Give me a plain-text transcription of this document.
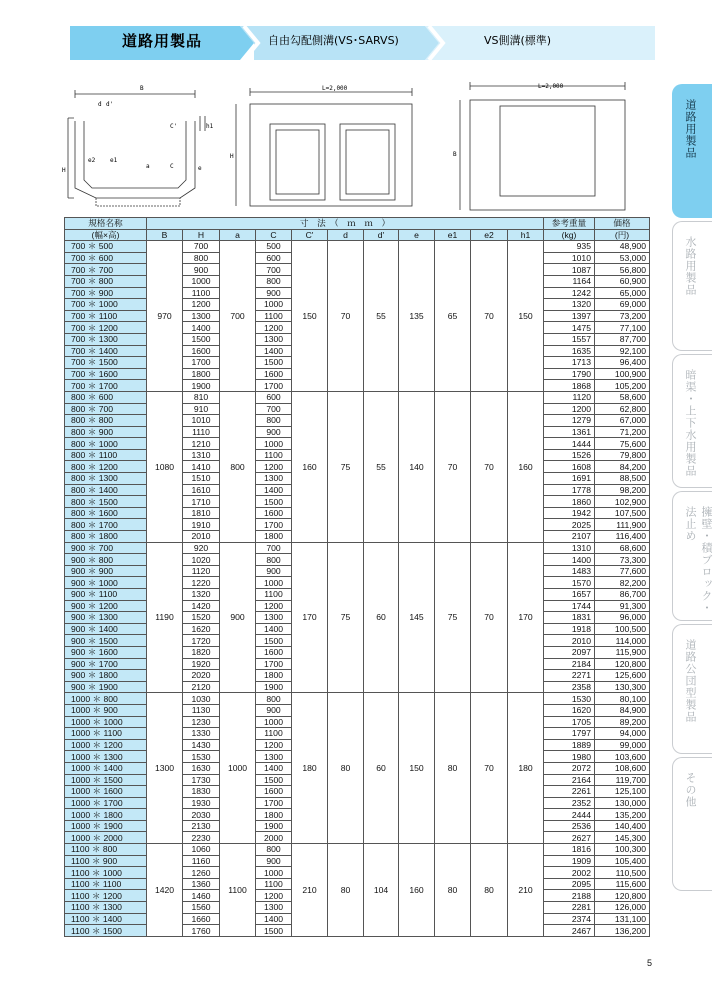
道路用製品	自由勾配側溝(VS･SARVS)	VS側溝(標準)
道路用製品
水路用製品
暗渠・上下水用製品
擁壁・積ブロック・法止め
道路公団型製品
その他
B
d d'
C'	h1
H
e2 e1
a	C	e
L=2,000
H
L=2,000
B
規格名称	寸　法　（　ｍ　ｍ　）											参考重量	価格
(幅×高)	B	H	a	C	C'	d	d'	e	e1	e2	h1	(kg)	(円)
700 ＊ 500	970	700	700	500	150	70	55	135	65	70	150	935	48,900
700 ＊ 600		800		600								1010	53,000
700 ＊ 700		900		700								1087	56,800
700 ＊ 800		1000		800								1164	60,900
700 ＊ 900		1100		900								1242	65,000
700 ＊ 1000		1200		1000								1320	69,000
700 ＊ 1100		1300		1100								1397	73,200
700 ＊ 1200		1400		1200								1475	77,100
700 ＊ 1300		1500		1300								1557	87,700
700 ＊ 1400		1600		1400								1635	92,100
700 ＊ 1500		1700		1500								1713	96,400
700 ＊ 1600		1800		1600								1790	100,900
700 ＊ 1700		1900		1700								1868	105,200
800 ＊ 600	1080	810	800	600	160	75	55	140	70	70	160	1120	58,600
800 ＊ 700		910		700								1200	62,800
800 ＊ 800		1010		800								1279	67,000
800 ＊ 900		1110		900								1361	71,200
800 ＊ 1000		1210		1000								1444	75,600
800 ＊ 1100		1310		1100								1526	79,800
800 ＊ 1200		1410		1200								1608	84,200
800 ＊ 1300		1510		1300								1691	88,500
800 ＊ 1400		1610		1400								1778	98,200
800 ＊ 1500		1710		1500								1860	102,900
800 ＊ 1600		1810		1600								1942	107,500
800 ＊ 1700		1910		1700								2025	111,900
800 ＊ 1800		2010		1800								2107	116,400
900 ＊ 700	1190	920	900	700	170	75	60	145	75	70	170	1310	68,600
900 ＊ 800		1020		800								1400	73,300
900 ＊ 900		1120		900								1483	77,600
900 ＊ 1000		1220		1000								1570	82,200
900 ＊ 1100		1320		1100								1657	86,700
900 ＊ 1200		1420		1200								1744	91,300
900 ＊ 1300		1520		1300								1831	96,000
900 ＊ 1400		1620		1400								1918	100,500
900 ＊ 1500		1720		1500								2010	114,000
900 ＊ 1600		1820		1600								2097	115,900
900 ＊ 1700		1920		1700								2184	120,800
900 ＊ 1800		2020		1800								2271	125,600
900 ＊ 1900		2120		1900								2358	130,300
1000 ＊ 800	1300	1030	1000	800	180	80	60	150	80	70	180	1530	80,100
1000 ＊ 900		1130		900								1620	84,900
1000 ＊ 1000		1230		1000								1705	89,200
1000 ＊ 1100		1330		1100								1797	94,000
1000 ＊ 1200		1430		1200								1889	99,000
1000 ＊ 1300		1530		1300								1980	103,600
1000 ＊ 1400		1630		1400								2072	108,600
1000 ＊ 1500		1730		1500								2164	119,700
1000 ＊ 1600		1830		1600								2261	125,100
1000 ＊ 1700		1930		1700								2352	130,000
1000 ＊ 1800		2030		1800								2444	135,200
1000 ＊ 1900		2130		1900								2536	140,400
1000 ＊ 2000		2230		2000								2627	145,300
1100 ＊ 800	1420	1060	1100	800	210	80	104	160	80	80	210	1816	100,300
1100 ＊ 900		1160		900								1909	105,400
1100 ＊ 1000		1260		1000								2002	110,500
1100 ＊ 1100		1360		1100								2095	115,600
1100 ＊ 1200		1460		1200								2188	120,800
1100 ＊ 1300		1560		1300								2281	126,000
1100 ＊ 1400		1660		1400								2374	131,100
1100 ＊ 1500		1760		1500								2467	136,200
5
